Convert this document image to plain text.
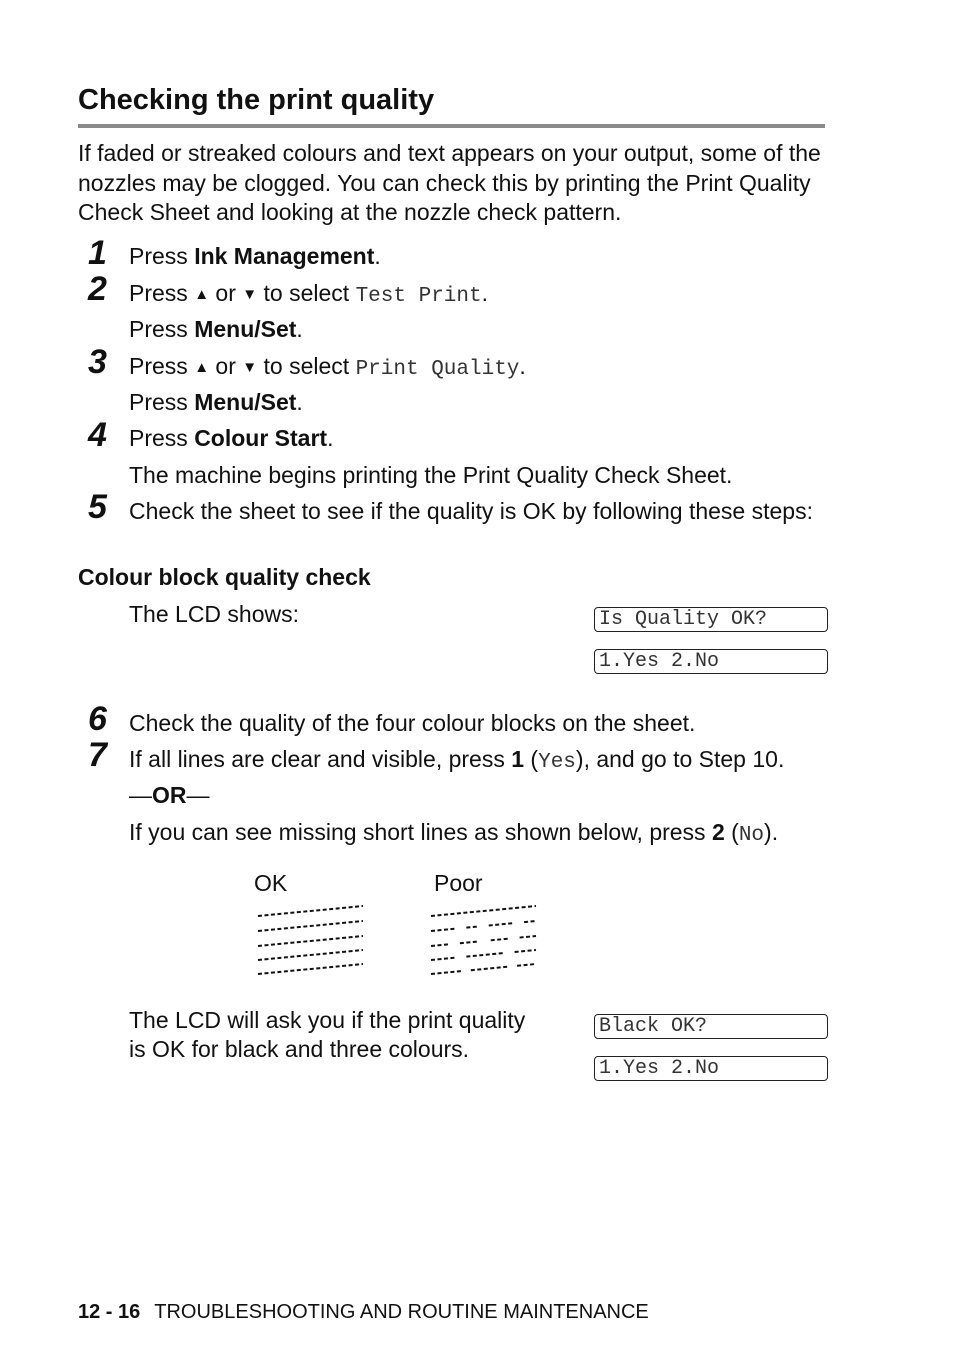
Checking the print quality
If faded or streaked colours and text appears on your output, some of the nozzles may be clogged. You can check this by printing the Print Quality Check Sheet and looking at the nozzle check pattern.
1 Press Ink Management.
2 Press ▲ or ▼ to select Test Print.
Press Menu/Set.
3 Press ▲ or ▼ to select Print Quality.
Press Menu/Set.
4 Press Colour Start.
The machine begins printing the Print Quality Check Sheet.
5 Check the sheet to see if the quality is OK by following these steps:
Colour block quality check
The LCD shows:	Is Quality OK?
1.Yes 2.No
6 Check the quality of the four colour blocks on the sheet.
7 If all lines are clear and visible, press 1 (Yes), and go to Step 10.
—OR—
If you can see missing short lines as shown below, press 2 (No).
OK	Poor
The LCD will ask you if the print quality is OK for black and three colours.
Black OK?
1.Yes 2.No
12 - 16 TROUBLESHOOTING AND ROUTINE MAINTENANCE
